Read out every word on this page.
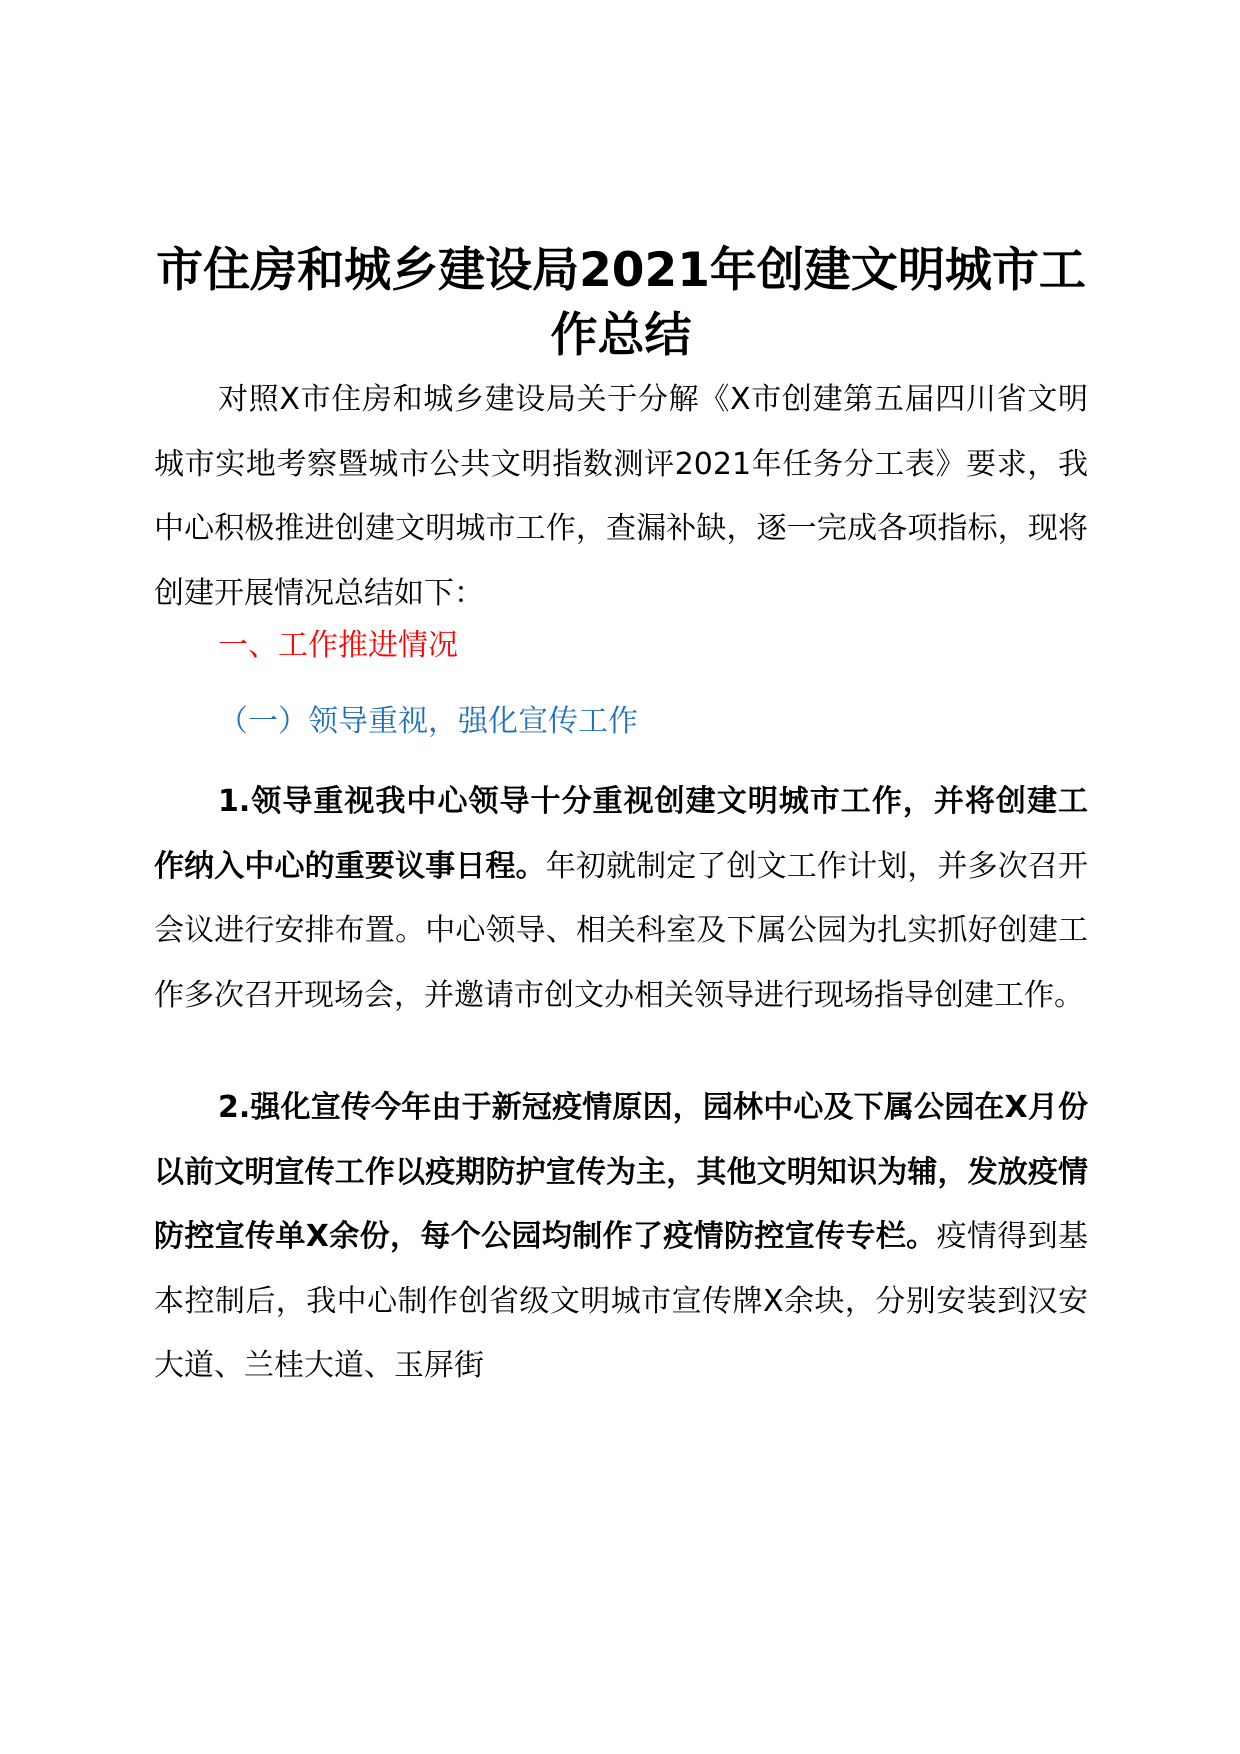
市住房和城乡建设局2021年创建文明城市工作总结

对照X市住房和城乡建设局关于分解《X市创建第五届四川省文明城市实地考察暨城市公共文明指数测评2021年任务分工表》要求，我中心积极推进创建文明城市工作，查漏补缺，逐一完成各项指标，现将创建开展情况总结如下：

一、工作推进情况

（一）领导重视，强化宣传工作

1.领导重视我中心领导十分重视创建文明城市工作，并将创建工作纳入中心的重要议事日程。年初就制定了创文工作计划，并多次召开会议进行安排布置。中心领导、相关科室及下属公园为扎实抓好创建工作多次召开现场会，并邀请市创文办相关领导进行现场指导创建工作。

2.强化宣传今年由于新冠疫情原因，园林中心及下属公园在X月份以前文明宣传工作以疫期防护宣传为主，其他文明知识为辅，发放疫情防控宣传单X余份，每个公园均制作了疫情防控宣传专栏。疫情得到基本控制后，我中心制作创省级文明城市宣传牌X余块，分别安装到汉安大道、兰桂大道、玉屏街
